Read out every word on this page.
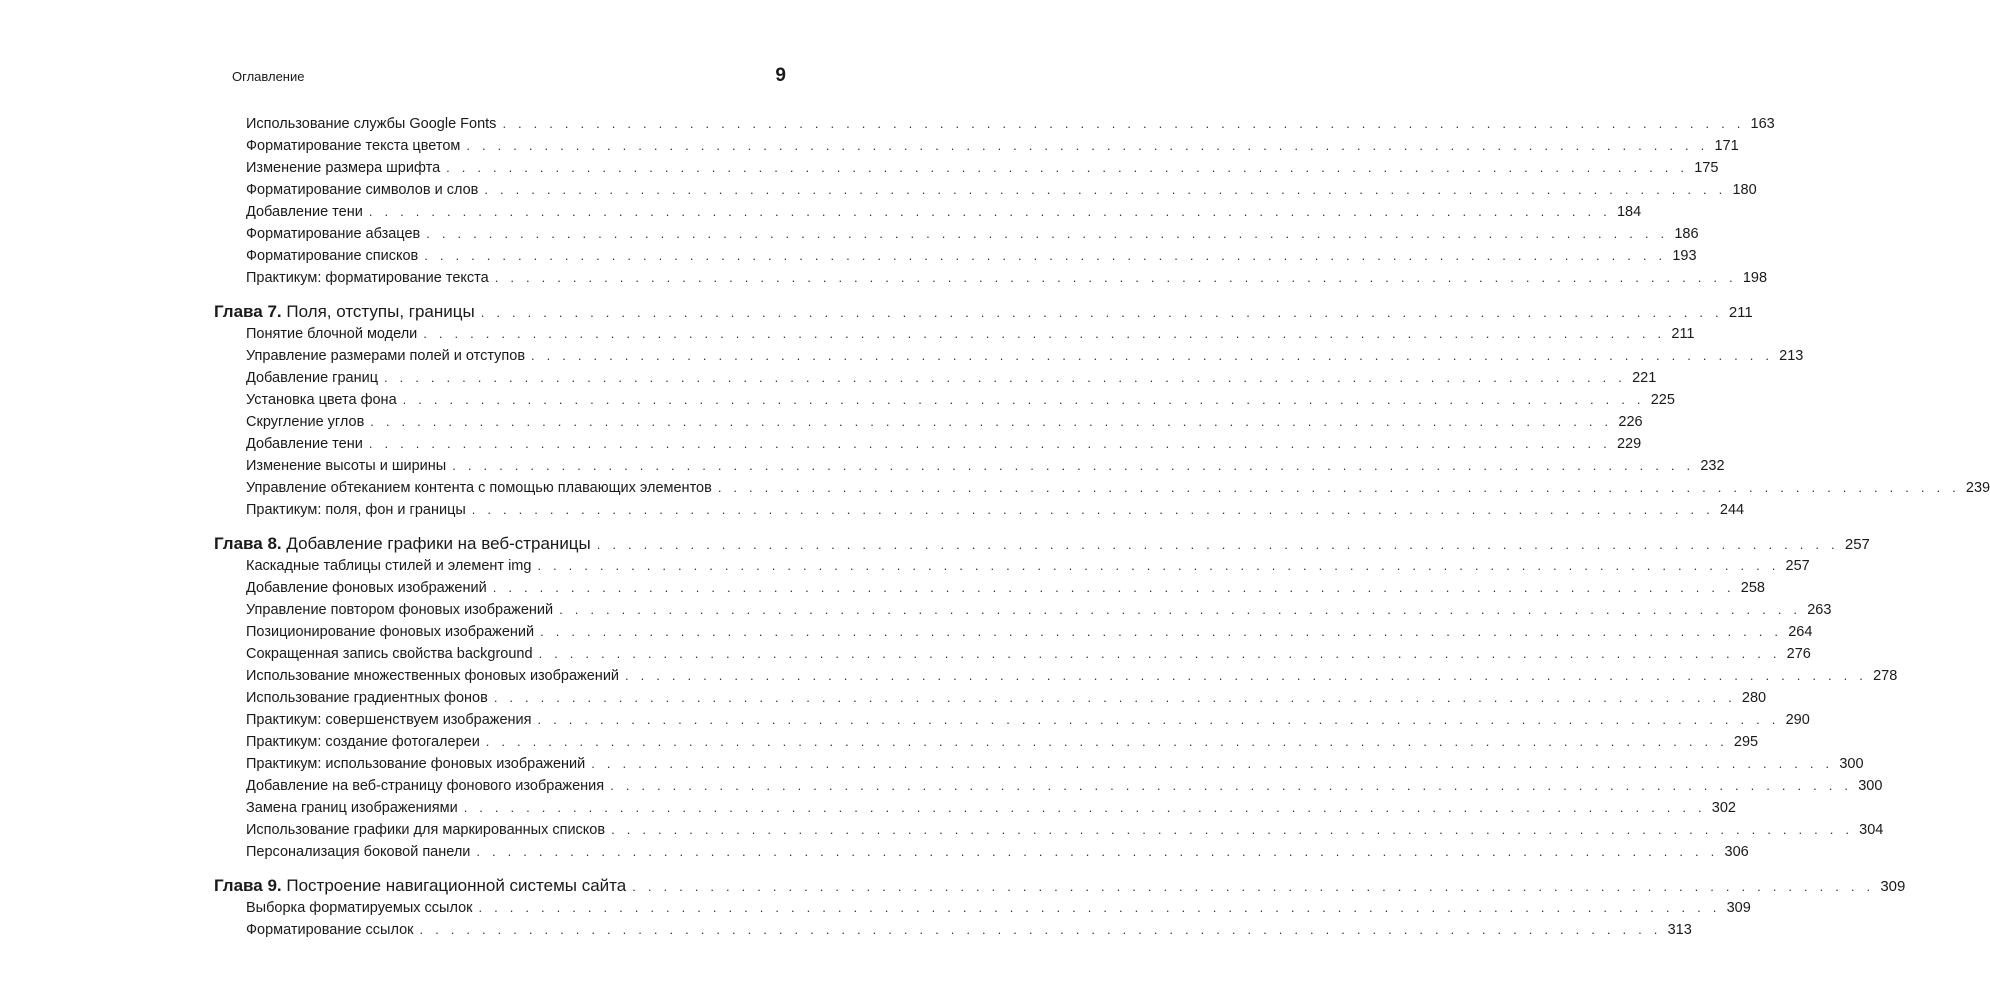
Оглавление	9
Использование службы Google Fonts . . . . . . . . . . . . . . . . . . . . . . . . . . . . . . . . . . . . . . . . . . . . . . . . . . . . . . . . . . . . . . . . . . . . . . . . . . . . . . . . 163
Форматирование текста цветом . . . . . . . . . . . . . . . . . . . . . . . . . . . . . . . . . . . . . . . . . . . . . . . . . . . . . . . . . . . . . . . . . . . . . . . . . . . . . . . . 171
Изменение размера шрифта . . . . . . . . . . . . . . . . . . . . . . . . . . . . . . . . . . . . . . . . . . . . . . . . . . . . . . . . . . . . . . . . . . . . . . . . . . . . . . . . 175
Форматирование символов и слов . . . . . . . . . . . . . . . . . . . . . . . . . . . . . . . . . . . . . . . . . . . . . . . . . . . . . . . . . . . . . . . . . . . . . . . . . . . . . . . . 180
Добавление тени . . . . . . . . . . . . . . . . . . . . . . . . . . . . . . . . . . . . . . . . . . . . . . . . . . . . . . . . . . . . . . . . . . . . . . . . . . . . . . . . 184
Форматирование абзацев . . . . . . . . . . . . . . . . . . . . . . . . . . . . . . . . . . . . . . . . . . . . . . . . . . . . . . . . . . . . . . . . . . . . . . . . . . . . . . . . 186
Форматирование списков . . . . . . . . . . . . . . . . . . . . . . . . . . . . . . . . . . . . . . . . . . . . . . . . . . . . . . . . . . . . . . . . . . . . . . . . . . . . . . . . 193
Практикум: форматирование текста . . . . . . . . . . . . . . . . . . . . . . . . . . . . . . . . . . . . . . . . . . . . . . . . . . . . . . . . . . . . . . . . . . . . . . . . . . . . . . . . 198
Глава 7. Поля, отступы, границы . . . . . . . . . . . . . . . . . . . . . . . . . . . . . . . . . . . . . . . . . . . . . . . . . . . . . . . . . . . . . . . . . . . . . . . . . . . . . . . . 211
Понятие блочной модели . . . . . . . . . . . . . . . . . . . . . . . . . . . . . . . . . . . . . . . . . . . . . . . . . . . . . . . . . . . . . . . . . . . . . . . . . . . . . . . . 211
Управление размерами полей и отступов . . . . . . . . . . . . . . . . . . . . . . . . . . . . . . . . . . . . . . . . . . . . . . . . . . . . . . . . . . . . . . . . . . . . . . . . . . . . . . . . 213
Добавление границ . . . . . . . . . . . . . . . . . . . . . . . . . . . . . . . . . . . . . . . . . . . . . . . . . . . . . . . . . . . . . . . . . . . . . . . . . . . . . . . . 221
Установка цвета фона . . . . . . . . . . . . . . . . . . . . . . . . . . . . . . . . . . . . . . . . . . . . . . . . . . . . . . . . . . . . . . . . . . . . . . . . . . . . . . . . 225
Скругление углов . . . . . . . . . . . . . . . . . . . . . . . . . . . . . . . . . . . . . . . . . . . . . . . . . . . . . . . . . . . . . . . . . . . . . . . . . . . . . . . . 226
Добавление тени . . . . . . . . . . . . . . . . . . . . . . . . . . . . . . . . . . . . . . . . . . . . . . . . . . . . . . . . . . . . . . . . . . . . . . . . . . . . . . . . 229
Изменение высоты и ширины . . . . . . . . . . . . . . . . . . . . . . . . . . . . . . . . . . . . . . . . . . . . . . . . . . . . . . . . . . . . . . . . . . . . . . . . . . . . . . . . 232
Управление обтеканием контента с помощью плавающих элементов . . . . . . . . . . . . . . . . . . . . . . . . . . . . . . . . . . . . . . . . . . . . . . . . . . . . . . . . . . . . . . . . . . . . . . . . . . . . . . . . 239
Практикум: поля, фон и границы . . . . . . . . . . . . . . . . . . . . . . . . . . . . . . . . . . . . . . . . . . . . . . . . . . . . . . . . . . . . . . . . . . . . . . . . . . . . . . . . 244
Глава 8. Добавление графики на веб-страницы . . . . . . . . . . . . . . . . . . . . . . . . . . . . . . . . . . . . . . . . . . . . . . . . . . . . . . . . . . . . . . . . . . . . . . . . . . . . . . . . 257
Каскадные таблицы стилей и элемент img . . . . . . . . . . . . . . . . . . . . . . . . . . . . . . . . . . . . . . . . . . . . . . . . . . . . . . . . . . . . . . . . . . . . . . . . . . . . . . . . 257
Добавление фоновых изображений . . . . . . . . . . . . . . . . . . . . . . . . . . . . . . . . . . . . . . . . . . . . . . . . . . . . . . . . . . . . . . . . . . . . . . . . . . . . . . . . 258
Управление повтором фоновых изображений . . . . . . . . . . . . . . . . . . . . . . . . . . . . . . . . . . . . . . . . . . . . . . . . . . . . . . . . . . . . . . . . . . . . . . . . . . . . . . . . 263
Позиционирование фоновых изображений . . . . . . . . . . . . . . . . . . . . . . . . . . . . . . . . . . . . . . . . . . . . . . . . . . . . . . . . . . . . . . . . . . . . . . . . . . . . . . . . 264
Сокращенная запись свойства background . . . . . . . . . . . . . . . . . . . . . . . . . . . . . . . . . . . . . . . . . . . . . . . . . . . . . . . . . . . . . . . . . . . . . . . . . . . . . . . . 276
Использование множественных фоновых изображений . . . . . . . . . . . . . . . . . . . . . . . . . . . . . . . . . . . . . . . . . . . . . . . . . . . . . . . . . . . . . . . . . . . . . . . . . . . . . . . . 278
Использование градиентных фонов . . . . . . . . . . . . . . . . . . . . . . . . . . . . . . . . . . . . . . . . . . . . . . . . . . . . . . . . . . . . . . . . . . . . . . . . . . . . . . . . 280
Практикум: совершенствуем изображения . . . . . . . . . . . . . . . . . . . . . . . . . . . . . . . . . . . . . . . . . . . . . . . . . . . . . . . . . . . . . . . . . . . . . . . . . . . . . . . . 290
Практикум: создание фотогалереи . . . . . . . . . . . . . . . . . . . . . . . . . . . . . . . . . . . . . . . . . . . . . . . . . . . . . . . . . . . . . . . . . . . . . . . . . . . . . . . . 295
Практикум: использование фоновых изображений . . . . . . . . . . . . . . . . . . . . . . . . . . . . . . . . . . . . . . . . . . . . . . . . . . . . . . . . . . . . . . . . . . . . . . . . . . . . . . . . 300
Добавление на веб-страницу фонового изображения . . . . . . . . . . . . . . . . . . . . . . . . . . . . . . . . . . . . . . . . . . . . . . . . . . . . . . . . . . . . . . . . . . . . . . . . . . . . . . . . 300
Замена границ изображениями . . . . . . . . . . . . . . . . . . . . . . . . . . . . . . . . . . . . . . . . . . . . . . . . . . . . . . . . . . . . . . . . . . . . . . . . . . . . . . . . 302
Использование графики для маркированных списков . . . . . . . . . . . . . . . . . . . . . . . . . . . . . . . . . . . . . . . . . . . . . . . . . . . . . . . . . . . . . . . . . . . . . . . . . . . . . . . . 304
Персонализация боковой панели . . . . . . . . . . . . . . . . . . . . . . . . . . . . . . . . . . . . . . . . . . . . . . . . . . . . . . . . . . . . . . . . . . . . . . . . . . . . . . . . 306
Глава 9. Построение навигационной системы сайта . . . . . . . . . . . . . . . . . . . . . . . . . . . . . . . . . . . . . . . . . . . . . . . . . . . . . . . . . . . . . . . . . . . . . . . . . . . . . . . . 309
Выборка форматируемых ссылок . . . . . . . . . . . . . . . . . . . . . . . . . . . . . . . . . . . . . . . . . . . . . . . . . . . . . . . . . . . . . . . . . . . . . . . . . . . . . . . . 309
Форматирование ссылок . . . . . . . . . . . . . . . . . . . . . . . . . . . . . . . . . . . . . . . . . . . . . . . . . . . . . . . . . . . . . . . . . . . . . . . . . . . . . . . . 313
